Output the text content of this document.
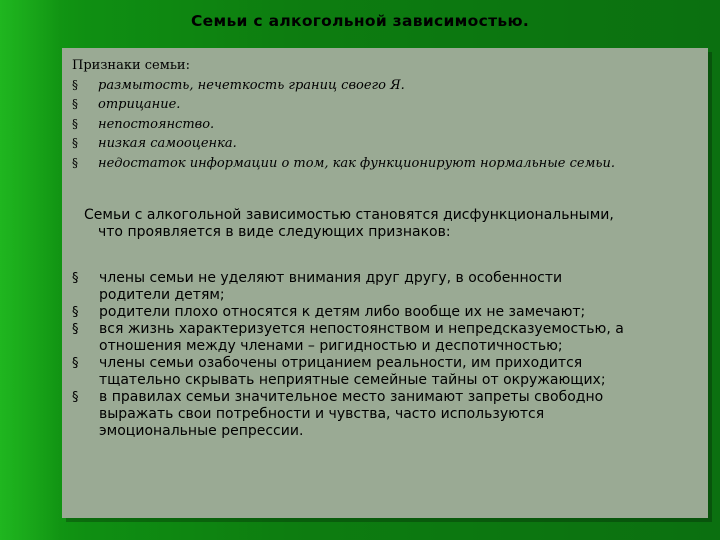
Семьи с алкогольной зависимостью.
Признаки семьи:
§ размытость, нечеткость границ своего Я.
§ отрицание.
§ непостоянство.
§ низкая самооценка.
§ недостаток информации о том, как функционируют нормальные семьи.
Семьи с алкогольной зависимостью становятся дисфункциональными,
что проявляется в виде следующих признаков:
§ члены семьи не уделяют внимания друг другу, в особенности
родители детям;
§ родители плохо относятся к детям либо вообще их не замечают;
§ вся жизнь характеризуется непостоянством и непредсказуемостью, а
отношения между членами – ригидностью и деспотичностью;
§ члены семьи озабочены отрицанием реальности, им приходится
тщательно скрывать неприятные семейные тайны от окружающих;
§ в правилах семьи значительное место занимают запреты свободно
выражать свои потребности и чувства, часто используются
эмоциональные репрессии.
